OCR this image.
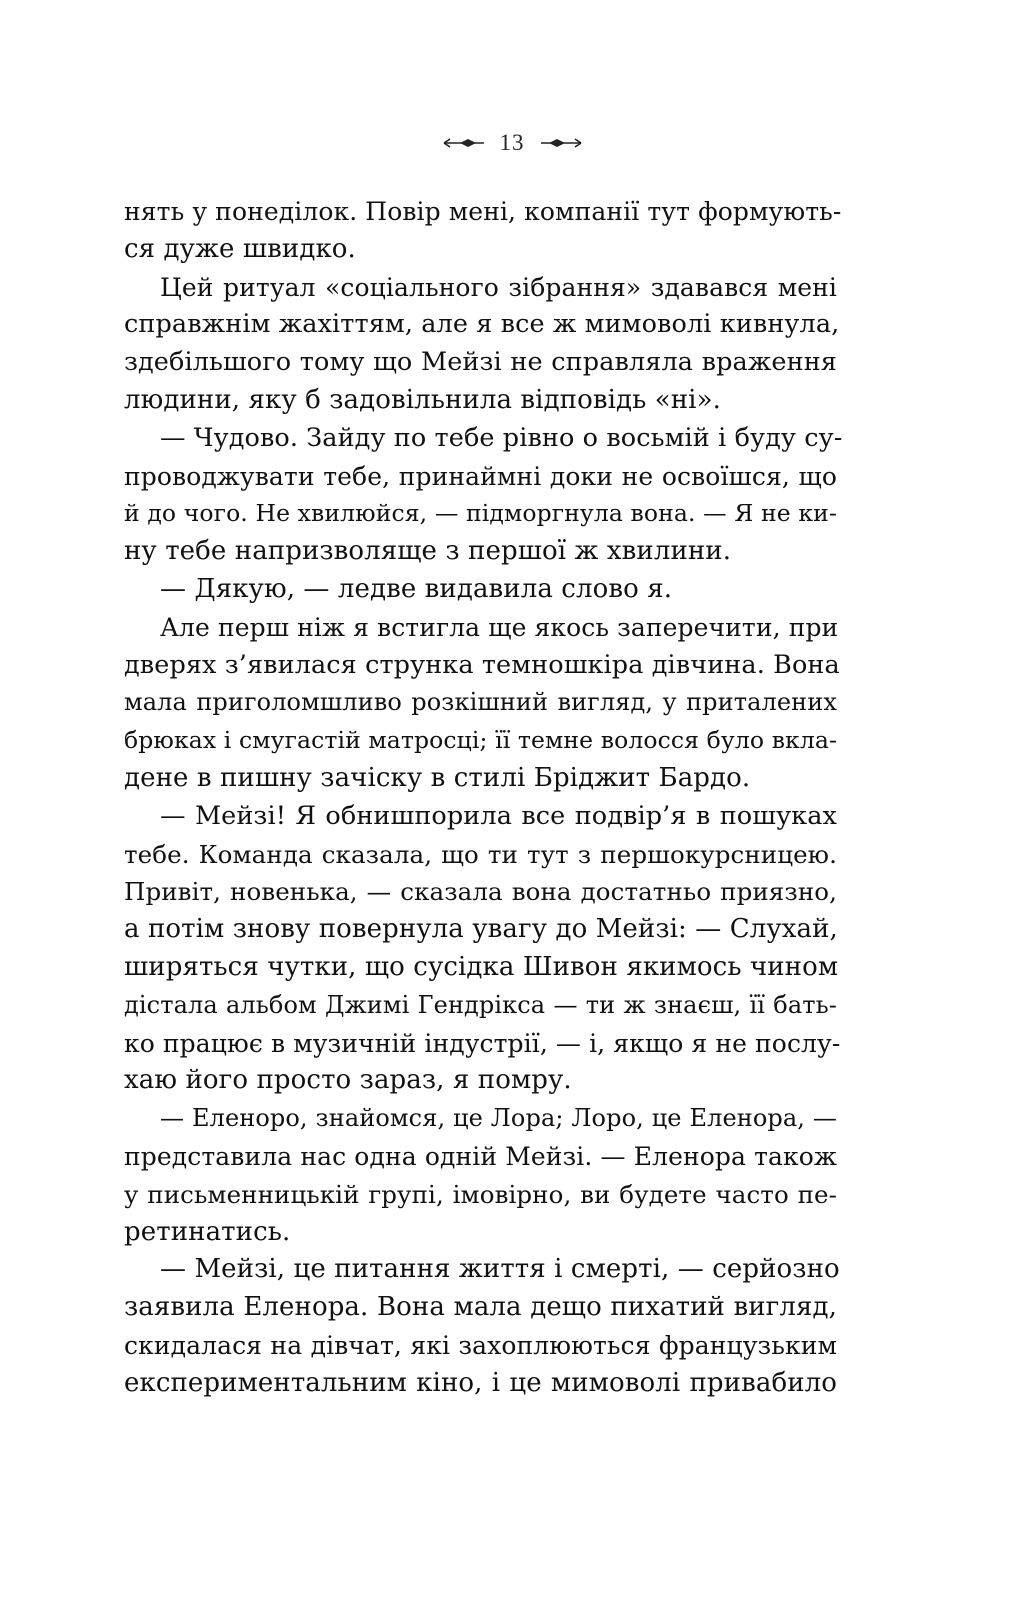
13
нять у понеділок. Повір мені, компанії тут формують-
ся дуже швидко.
Цей ритуал «соціального зібрання» здавався мені
справжнім жахіттям, але я все ж мимоволі кивнула,
здебільшого тому що Мейзі не справляла враження
людини, яку б задовільнила відповідь «ні».
— Чудово. Зайду по тебе рівно о восьмій і буду су-
проводжувати тебе, принаймні доки не освоїшся, що
й до чого. Не хвилюйся, — підморгнула вона. — Я не ки-
ну тебе напризволяще з першої ж хвилини.
— Дякую, — ледве видавила слово я.
Але перш ніж я встигла ще якось заперечити, при
дверях з’явилася струнка темношкіра дівчина. Вона
мала приголомшливо розкішний вигляд, у приталених
брюках і смугастій матросці; її темне волосся було вкла-
дене в пишну зачіску в стилі Бріджит Бардо.
— Мейзі! Я обнишпорила все подвір’я в пошуках
тебе. Команда сказала, що ти тут з першокурсницею.
Привіт, новенька, — сказала вона достатньо приязно,
а потім знову повернула увагу до Мейзі: — Слухай,
ширяться чутки, що сусідка Шивон якимось чином
дістала альбом Джимі Гендрікса — ти ж знаєш, її бать-
ко працює в музичній індустрії, — і, якщо я не послу-
хаю його просто зараз, я помру.
— Еленоро, знайомся, це Лора; Лоро, це Еленора, —
представила нас одна одній Мейзі. — Еленора також
у письменницькій групі, імовірно, ви будете часто пе-
ретинатись.
— Мейзі, це питання життя і смерті, — серйозно
заявила Еленора. Вона мала дещо пихатий вигляд,
скидалася на дівчат, які захоплюються французьким
експериментальним кіно, і це мимоволі привабило
